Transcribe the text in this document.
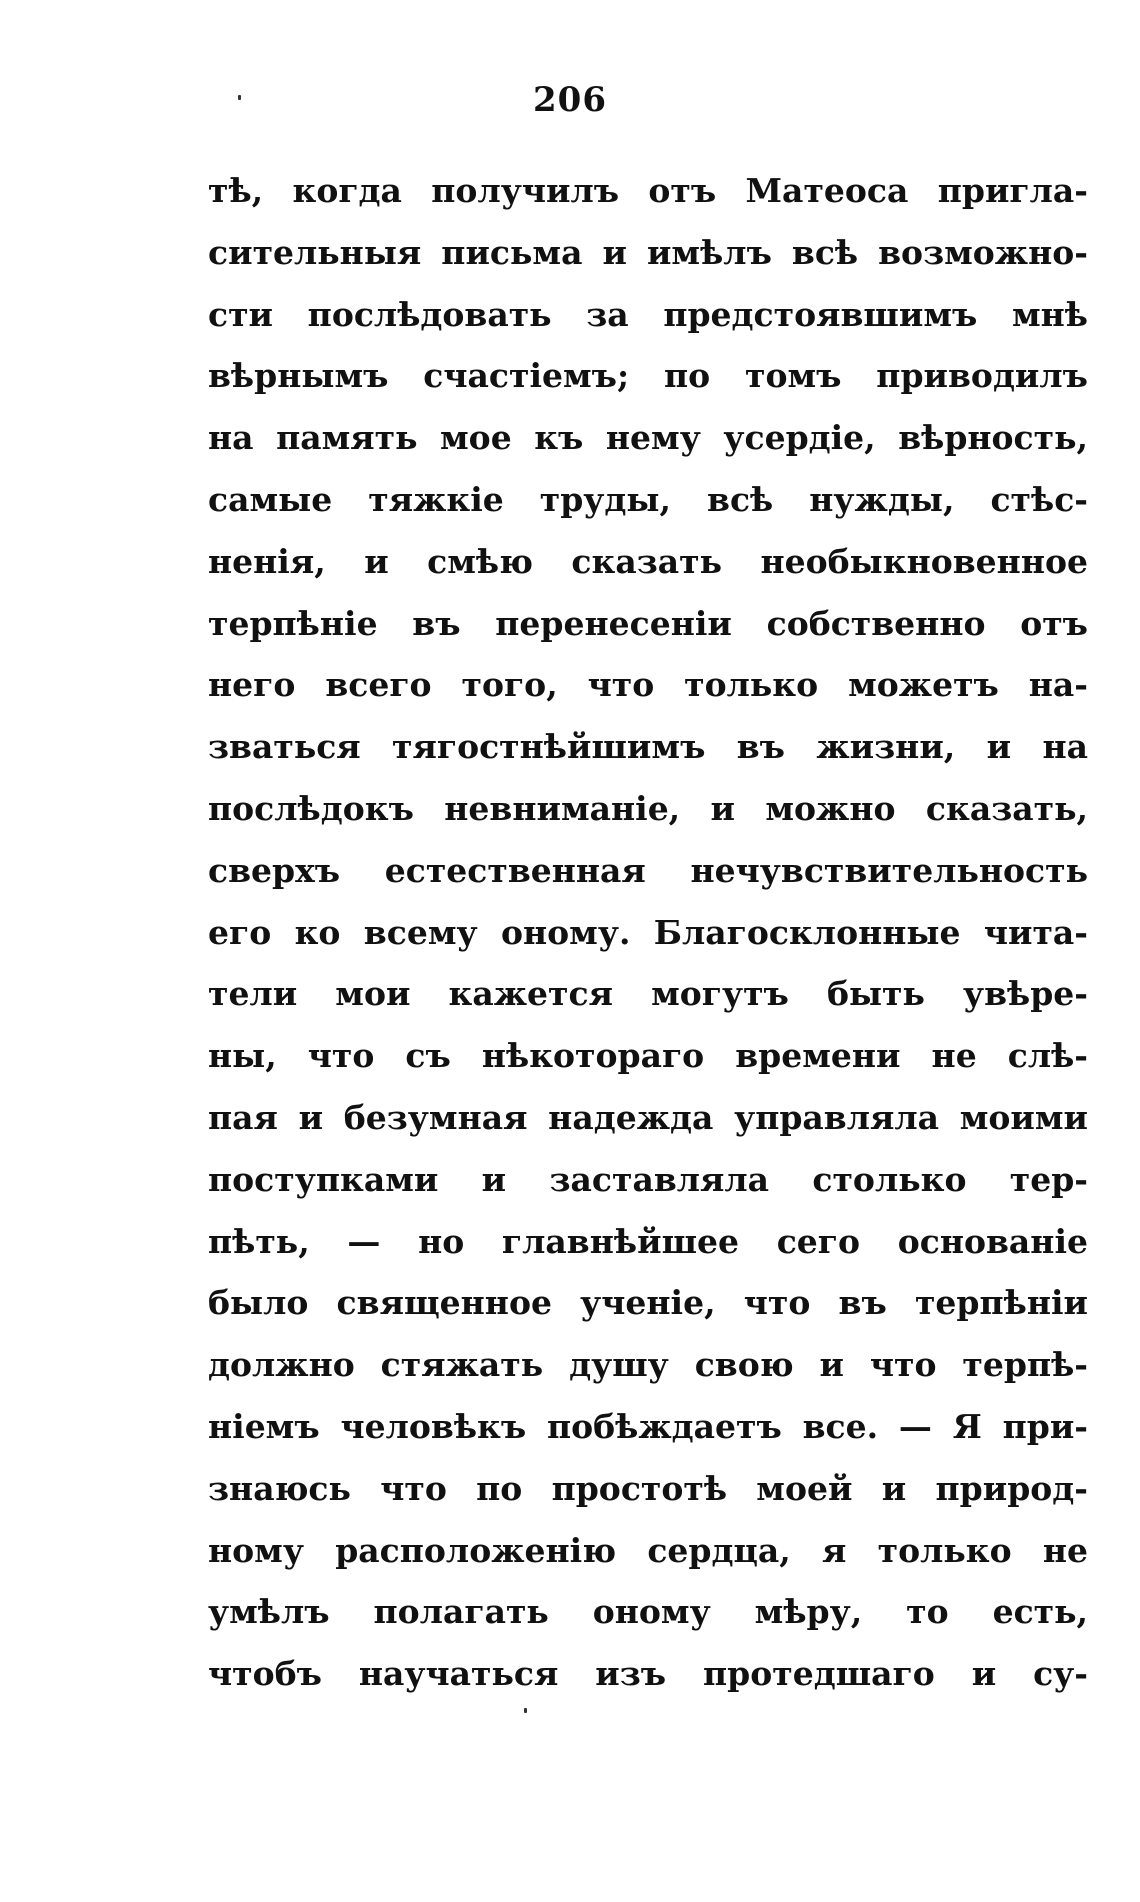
206
тѣ, когда получилъ отъ Матеоса пригла-
сительныя письма и имѣлъ всѣ возможно-
сти послѣдовать за предстоявшимъ мнѣ
вѣрнымъ счастіемъ; по томъ приводилъ
на память мое къ нему усердіе, вѣрность,
самые тяжкіе труды, всѣ нужды, стѣс-
ненія, и смѣю сказать необыкновенное
терпѣніе въ перенесеніи собственно отъ
него всего того, что только можетъ на-
зваться тягостнѣйшимъ въ жизни, и на
послѣдокъ невниманіе, и можно сказать,
сверхъ естественная нечувствительность
его ко всему оному. Благосклонные чита-
тели мои кажется могутъ быть увѣре-
ны, что съ нѣкотораго времени не слѣ-
пая и безумная надежда управляла моими
поступками и заставляла столько тер-
пѣть, — но главнѣйшее сего основаніе
было священное ученіе, что въ терпѣніи
должно стяжать душу свою и что терпѣ-
ніемъ человѣкъ побѣждаетъ все. — Я при-
знаюсь что по простотѣ моей и природ-
ному расположенію сердца, я только не
умѣлъ полагать оному мѣру, то есть,
чтобъ научаться изъ протедшаго и су-
